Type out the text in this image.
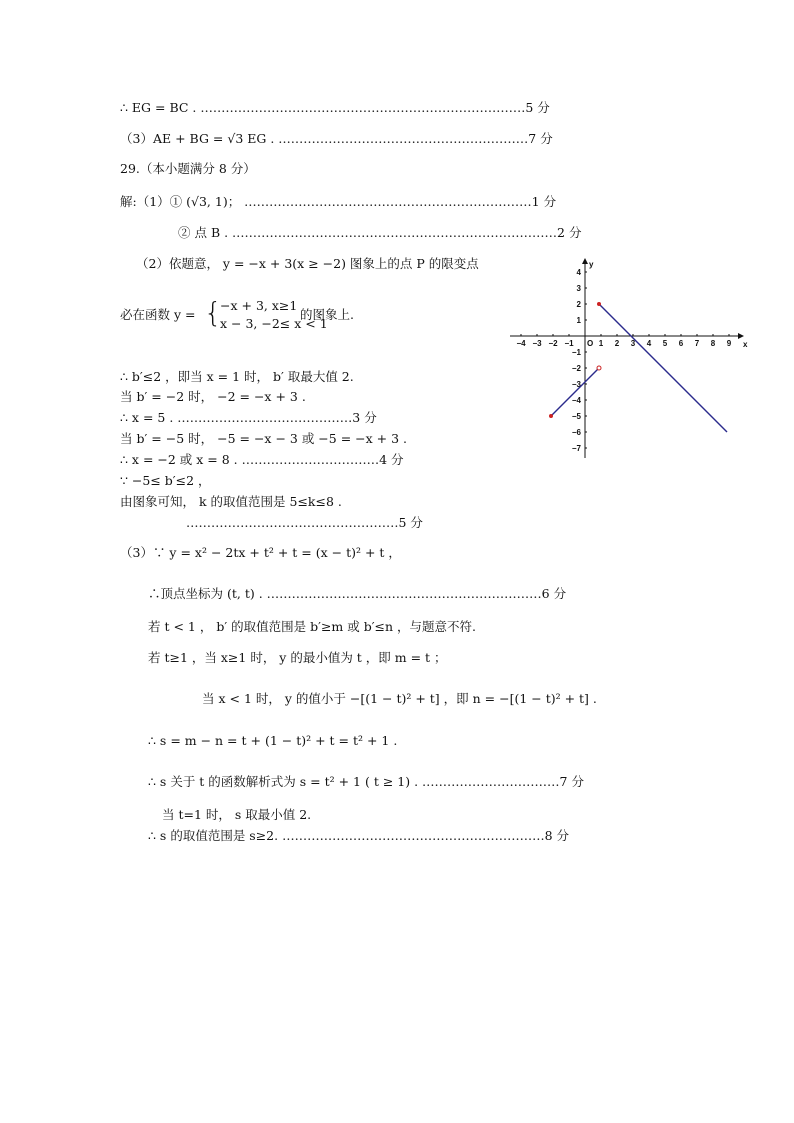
∴ EG = BC . ……………………………………………………………………5 分
（3）AE + BG = √3 EG . ……………………………………………………7 分
29.（本小题满分 8 分）
解:（1）① (√3, 1)； ……………………………………………………………1 分
② 点 B . ……………………………………………………………………2 分
（2）依题意， y = −x + 3(x ≥ −2) 图象上的点 P 的限变点
必在函数 y = {
−x + 3, x≥1
x − 3, −2≤ x < 1
的图象上.
∴ b′≤2 ，即当 x = 1 时， b′ 取最大值 2.
当 b′ = −2 时， −2 = −x + 3 .
∴ x = 5 . ……………………………………3 分
当 b′ = −5 时， −5 = −x − 3 或 −5 = −x + 3 .
∴ x = −2 或 x = 8 . ……………………………4 分
∵ −5≤ b′≤2 ，
由图象可知， k 的取值范围是 5≤k≤8 .
……………………………………………5 分
（3）∵ y = x² − 2tx + t² + t = (x − t)² + t ，
∴顶点坐标为 (t, t) . …………………………………………………………6 分
若 t < 1 ， b′ 的取值范围是 b′≥m 或 b′≤n ，与题意不符.
若 t≥1 ，当 x≥1 时， y 的最小值为 t ，即 m = t ；
当 x < 1 时， y 的值小于 −[(1 − t)² + t] ，即 n = −[(1 − t)² + t] .
∴ s = m − n = t + (1 − t)² + t = t² + 1 .
∴ s 关于 t 的函数解析式为 s = t² + 1 ( t ≥ 1) . ……………………………7 分
当 t=1 时， s 取最小值 2.
∴ s 的取值范围是 s≥2. ………………………………………………………8 分
−4 −3 −2 −1	1 2 3 4 5 6 7 8 9
4
3
2
1
−1
−2
−3
−4
−5
−6
−7
x
y
O
